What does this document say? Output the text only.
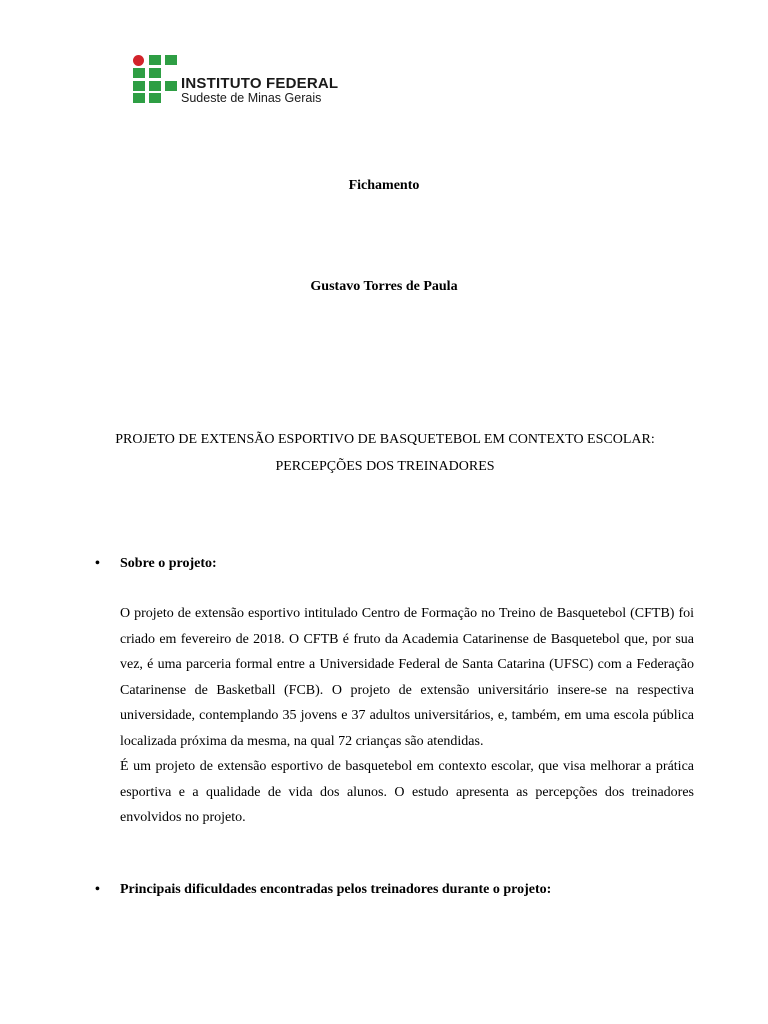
INSTITUTO FEDERAL
Sudeste de Minas Gerais
Fichamento
Gustavo Torres de Paula
PROJETO DE EXTENSÃO ESPORTIVO DE BASQUETEBOL EM CONTEXTO ESCOLAR:
PERCEPÇÕES DOS TREINADORES
• Sobre o projeto:

O projeto de extensão esportivo intitulado Centro de Formação no Treino de Basquetebol (CFTB) foi criado em fevereiro de 2018. O CFTB é fruto da Academia Catarinense de Basquetebol que, por sua vez, é uma parceria formal entre a Universidade Federal de Santa Catarina (UFSC) com a Federação Catarinense de Basketball (FCB). O projeto de extensão universitário insere-se na respectiva universidade, contemplando 35 jovens e 37 adultos universitários, e, também, em uma escola pública localizada próxima da mesma, na qual 72 crianças são atendidas.

É um projeto de extensão esportivo de basquetebol em contexto escolar, que visa melhorar a prática esportiva e a qualidade de vida dos alunos. O estudo apresenta as percepções dos treinadores envolvidos no projeto.

• Principais dificuldades encontradas pelos treinadores durante o projeto:
